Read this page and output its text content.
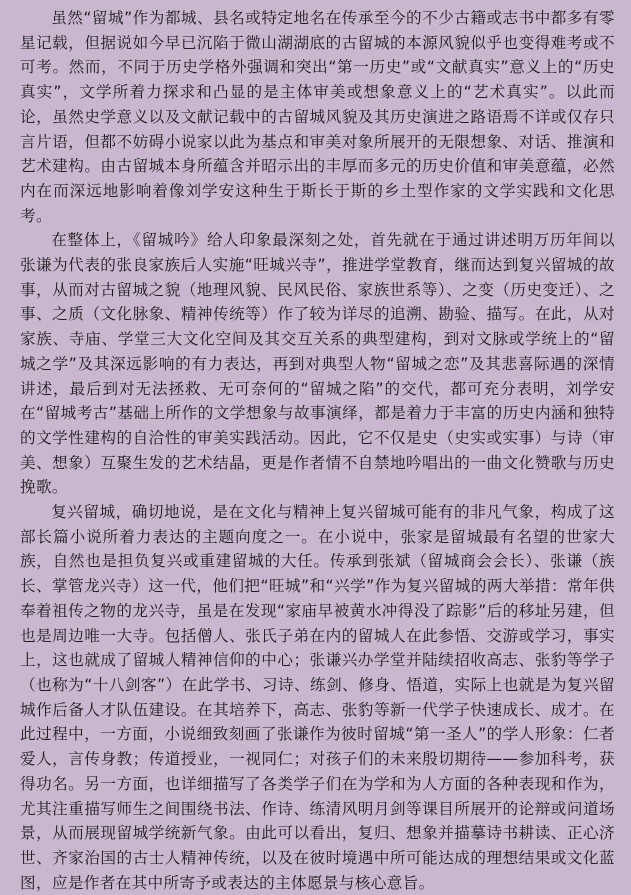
虽然“留城”作为都城、县名或特定地名在传承至今的不少古籍或志书中都多有零星记载，但据说如今早已沉陷于微山湖湖底的古留城的本源风貌似乎也变得难考或不可考。然而，不同于历史学格外强调和突出“第一历史”或“文献真实”意义上的“历史真实”，文学所着力探求和凸显的是主体审美或想象意义上的“艺术真实”。以此而论，虽然史学意义以及文献记载中的古留城风貌及其历史演进之路语焉不详或仅存只言片语，但都不妨碍小说家以此为基点和审美对象所展开的无限想象、对话、推演和艺术建构。由古留城本身所蕴含并昭示出的丰厚而多元的历史价值和审美意蕴，必然内在而深远地影响着像刘学安这种生于斯长于斯的乡土型作家的文学实践和文化思考。

在整体上，《留城吟》给人印象最深刻之处，首先就在于通过讲述明万历年间以张谦为代表的张良家族后人实施“旺城兴寺”，推进学堂教育，继而达到复兴留城的故事，从而对古留城之貌（地理风貌、民风民俗、家族世系等）、之变（历史变迁）、之事、之质（文化脉象、精神传统等）作了较为详尽的追溯、勘验、描写。在此，从对家族、寺庙、学堂三大文化空间及其交互关系的典型建构，到对文脉或学统上的“留城之学”及其深远影响的有力表达，再到对典型人物“留城之恋”及其悲喜际遇的深情讲述，最后到对无法拯救、无可奈何的“留城之陷”的交代，都可充分表明，刘学安在“留城考古”基础上所作的文学想象与故事演绎，都是着力于丰富的历史内涵和独特的文学性建构的自洽性的审美实践活动。因此，它不仅是史（史实或实事）与诗（审美、想象）互聚生发的艺术结晶，更是作者情不自禁地吟唱出的一曲文化赞歌与历史挽歌。

复兴留城，确切地说，是在文化与精神上复兴留城可能有的非凡气象，构成了这部长篇小说所着力表达的主题向度之一。在小说中，张家是留城最有名望的世家大族，自然也是担负复兴或重建留城的大任。传承到张斌（留城商会会长）、张谦（族长、掌管龙兴寺）这一代，他们把“旺城”和“兴学”作为复兴留城的两大举措：常年供奉着祖传之物的龙兴寺，虽是在发现“家庙早被黄水冲得没了踪影”后的移址另建，但也是周边唯一大寺。包括僧人、张氏子弟在内的留城人在此参悟、交游或学习，事实上，这也就成了留城人精神信仰的中心；张谦兴办学堂并陆续招收高志、张豹等学子（也称为“十八剑客”）在此学书、习诗、练剑、修身、悟道，实际上也就是为复兴留城作后备人才队伍建设。在其培养下，高志、张豹等新一代学子快速成长、成才。在此过程中，一方面，小说细致刻画了张谦作为彼时留城“第一圣人”的学人形象：仁者爱人，言传身教；传道授业，一视同仁；对孩子们的未来殷切期待——参加科考，获得功名。另一方面，也详细描写了各类学子们在为学和为人方面的各种表现和作为，尤其注重描写师生之间围绕书法、作诗、练清风明月剑等课目所展开的论辩或问道场景，从而展现留城学统新气象。由此可以看出，复归、想象并描摹诗书耕读、正心济世、齐家治国的古士人精神传统，以及在彼时境遇中所可能达成的理想结果或文化蓝图，应是作者在其中所寄予或表达的主体愿景与核心意旨。
